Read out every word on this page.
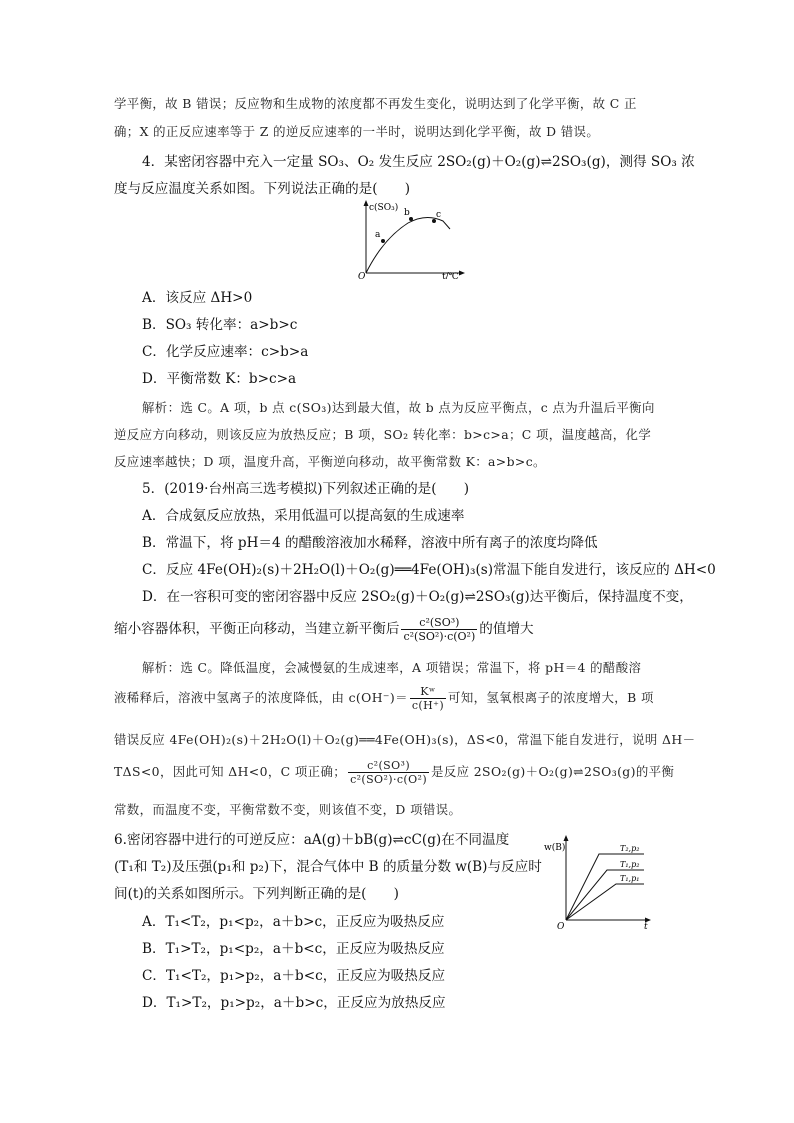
学平衡，故 B 错误；反应物和生成物的浓度都不再发生变化，说明达到了化学平衡，故 C 正
确；X 的正反应速率等于 Z 的逆反应速率的一半时，说明达到化学平衡，故 D 错误。
4．某密闭容器中充入一定量 SO₃、O₂ 发生反应 2SO₂(g)＋O₂(g)⇌2SO₃(g)，测得 SO₃ 浓
度与反应温度关系如图。下列说法正确的是(　　)
c(SO₃)
t/℃
O
a
b	c
A．该反应 ΔH>0
B．SO₃ 转化率：a>b>c
C．化学反应速率：c>b>a
D．平衡常数 K：b>c>a
解析：选 C。A 项，b 点 c(SO₃)达到最大值，故 b 点为反应平衡点，c 点为升温后平衡向
逆反应方向移动，则该反应为放热反应；B 项，SO₂ 转化率：b>c>a；C 项，温度越高，化学
反应速率越快；D 项，温度升高，平衡逆向移动，故平衡常数 K：a>b>c。
5．(2019·台州高三选考模拟)下列叙述正确的是(　　)
A．合成氨反应放热，采用低温可以提高氨的生成速率
B．常温下，将 pH＝4 的醋酸溶液加水稀释，溶液中所有离子的浓度均降低
C．反应 4Fe(OH)₂(s)＋2H₂O(l)＋O₂(g)══4Fe(OH)₃(s)常温下能自发进行，该反应的 ΔH<0
D．在一容积可变的密闭容器中反应 2SO₂(g)＋O₂(g)⇌2SO₃(g)达平衡后，保持温度不变，
缩小容器体积，平衡正向移动，当建立新平衡后 $\frac{\text{c²(SO³)}}{\text{c²(SO²)·c(O²)}}$ 的值增大
解析：选 C。降低温度，会减慢氨的生成速率，A 项错误；常温下，将 pH＝4 的醋酸溶
液稀释后，溶液中氢离子的浓度降低，由 $c(OH^-)= \frac{\text{Kʷ}}{c(H^+)}$ 可知，氢氧根离子的浓度增大，B 项
错误反应 4Fe(OH)₂(s)＋2H₂O(l)＋O₂(g)══4Fe(OH)₃(s)，ΔS<0，常温下能自发进行，说明 ΔH－
TΔS<0，因此可知 ΔH<0，C 项正确； $\frac{\text{c²(SO³)}}{\text{c²(SO²)·c(O²)}}$ 是反应 2SO₂(g)＋O₂(g)⇌2SO₃(g)的平衡
常数，而温度不变，平衡常数不变，则该值不变，D 项错误。
6.密闭容器中进行的可逆反应：aA(g)＋bB(g)⇌cC(g)在不同温度
(T₁和 T₂)及压强(p₁和 p₂)下，混合气体中 B 的质量分数 w(B)与反应时
间(t)的关系如图所示。下列判断正确的是(　　)
w(B)
t
O
T₂,p₂
T₁,p₂
T₁,p₁
A．T₁<T₂，p₁<p₂，a＋b>c，正反应为吸热反应
B．T₁>T₂，p₁<p₂，a＋b<c，正反应为吸热反应
C．T₁<T₂，p₁>p₂，a＋b<c，正反应为吸热反应
D．T₁>T₂，p₁>p₂，a＋b>c，正反应为放热反应
